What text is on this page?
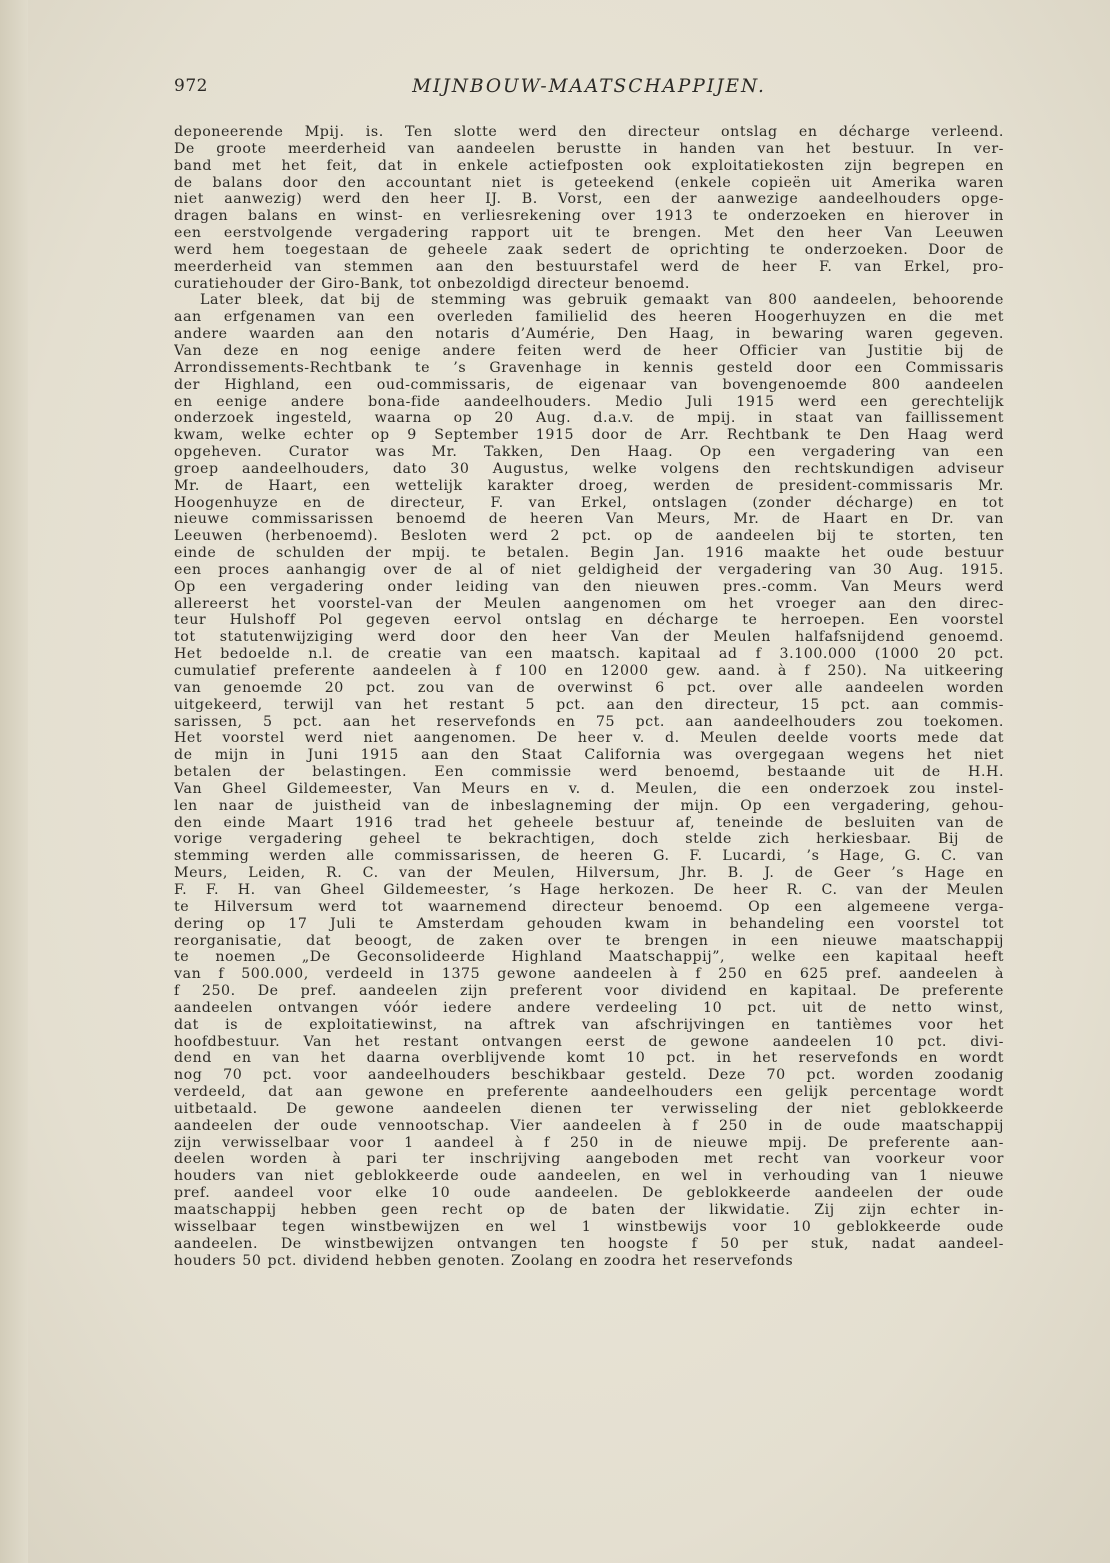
972	MIJNBOUW-MAATSCHAPPIJEN.
deponeerende Mpij. is. Ten slotte werd den directeur ontslag en décharge verleend.
De groote meerderheid van aandeelen berustte in handen van het bestuur. In ver-
band met het feit, dat in enkele actiefposten ook exploitatiekosten zijn begrepen en
de balans door den accountant niet is geteekend (enkele copieën uit Amerika waren
niet aanwezig) werd den heer IJ. B. Vorst, een der aanwezige aandeelhouders opge-
dragen balans en winst- en verliesrekening over 1913 te onderzoeken en hierover in
een eerstvolgende vergadering rapport uit te brengen. Met den heer Van Leeuwen
werd hem toegestaan de geheele zaak sedert de oprichting te onderzoeken. Door de
meerderheid van stemmen aan den bestuurstafel werd de heer F. van Erkel, pro-
curatiehouder der Giro-Bank, tot onbezoldigd directeur benoemd.
Later bleek, dat bij de stemming was gebruik gemaakt van 800 aandeelen, behoorende
aan erfgenamen van een overleden familielid des heeren Hoogerhuyzen en die met
andere waarden aan den notaris d’Aumérie, Den Haag, in bewaring waren gegeven.
Van deze en nog eenige andere feiten werd de heer Officier van Justitie bij de
Arrondissements-Rechtbank te ’s Gravenhage in kennis gesteld door een Commissaris
der Highland, een oud-commissaris, de eigenaar van bovengenoemde 800 aandeelen
en eenige andere bona-fide aandeelhouders. Medio Juli 1915 werd een gerechtelijk
onderzoek ingesteld, waarna op 20 Aug. d.a.v. de mpij. in staat van faillissement
kwam, welke echter op 9 September 1915 door de Arr. Rechtbank te Den Haag werd
opgeheven. Curator was Mr. Takken, Den Haag. Op een vergadering van een
groep aandeelhouders, dato 30 Augustus, welke volgens den rechtskundigen adviseur
Mr. de Haart, een wettelijk karakter droeg, werden de president-commissaris Mr.
Hoogenhuyze en de directeur, F. van Erkel, ontslagen (zonder décharge) en tot
nieuwe commissarissen benoemd de heeren Van Meurs, Mr. de Haart en Dr. van
Leeuwen (herbenoemd). Besloten werd 2 pct. op de aandeelen bij te storten, ten
einde de schulden der mpij. te betalen. Begin Jan. 1916 maakte het oude bestuur
een proces aanhangig over de al of niet geldigheid der vergadering van 30 Aug. 1915.
Op een vergadering onder leiding van den nieuwen pres.-comm. Van Meurs werd
allereerst het voorstel-van der Meulen aangenomen om het vroeger aan den direc-
teur Hulshoff Pol gegeven eervol ontslag en décharge te herroepen. Een voorstel
tot statutenwijziging werd door den heer Van der Meulen halfafsnijdend genoemd.
Het bedoelde n.l. de creatie van een maatsch. kapitaal ad f 3.100.000 (1000 20 pct.
cumulatief preferente aandeelen à f 100 en 12000 gew. aand. à f 250). Na uitkeering
van genoemde 20 pct. zou van de overwinst 6 pct. over alle aandeelen worden
uitgekeerd, terwijl van het restant 5 pct. aan den directeur, 15 pct. aan commis-
sarissen, 5 pct. aan het reservefonds en 75 pct. aan aandeelhouders zou toekomen.
Het voorstel werd niet aangenomen. De heer v. d. Meulen deelde voorts mede dat
de mijn in Juni 1915 aan den Staat California was overgegaan wegens het niet
betalen der belastingen. Een commissie werd benoemd, bestaande uit de H.H.
Van Gheel Gildemeester, Van Meurs en v. d. Meulen, die een onderzoek zou instel-
len naar de juistheid van de inbeslagneming der mijn. Op een vergadering, gehou-
den einde Maart 1916 trad het geheele bestuur af, teneinde de besluiten van de
vorige vergadering geheel te bekrachtigen, doch stelde zich herkiesbaar. Bij de
stemming werden alle commissarissen, de heeren G. F. Lucardi, ’s Hage, G. C. van
Meurs, Leiden, R. C. van der Meulen, Hilversum, Jhr. B. J. de Geer ’s Hage en
F. F. H. van Gheel Gildemeester, ’s Hage herkozen. De heer R. C. van der Meulen
te Hilversum werd tot waarnemend directeur benoemd. Op een algemeene verga-
dering op 17 Juli te Amsterdam gehouden kwam in behandeling een voorstel tot
reorganisatie, dat beoogt, de zaken over te brengen in een nieuwe maatschappij
te noemen „De Geconsolideerde Highland Maatschappij”, welke een kapitaal heeft
van f 500.000, verdeeld in 1375 gewone aandeelen à f 250 en 625 pref. aandeelen à
f 250. De pref. aandeelen zijn preferent voor dividend en kapitaal. De preferente
aandeelen ontvangen vóór iedere andere verdeeling 10 pct. uit de netto winst,
dat is de exploitatiewinst, na aftrek van afschrijvingen en tantièmes voor het
hoofdbestuur. Van het restant ontvangen eerst de gewone aandeelen 10 pct. divi-
dend en van het daarna overblijvende komt 10 pct. in het reservefonds en wordt
nog 70 pct. voor aandeelhouders beschikbaar gesteld. Deze 70 pct. worden zoodanig
verdeeld, dat aan gewone en preferente aandeelhouders een gelijk percentage wordt
uitbetaald. De gewone aandeelen dienen ter verwisseling der niet geblokkeerde
aandeelen der oude vennootschap. Vier aandeelen à f 250 in de oude maatschappij
zijn verwisselbaar voor 1 aandeel à f 250 in de nieuwe mpij. De preferente aan-
deelen worden à pari ter inschrijving aangeboden met recht van voorkeur voor
houders van niet geblokkeerde oude aandeelen, en wel in verhouding van 1 nieuwe
pref. aandeel voor elke 10 oude aandeelen. De geblokkeerde aandeelen der oude
maatschappij hebben geen recht op de baten der likwidatie. Zij zijn echter in-
wisselbaar tegen winstbewijzen en wel 1 winstbewijs voor 10 geblokkeerde oude
aandeelen. De winstbewijzen ontvangen ten hoogste f 50 per stuk, nadat aandeel-
houders 50 pct. dividend hebben genoten. Zoolang en zoodra het reservefonds
